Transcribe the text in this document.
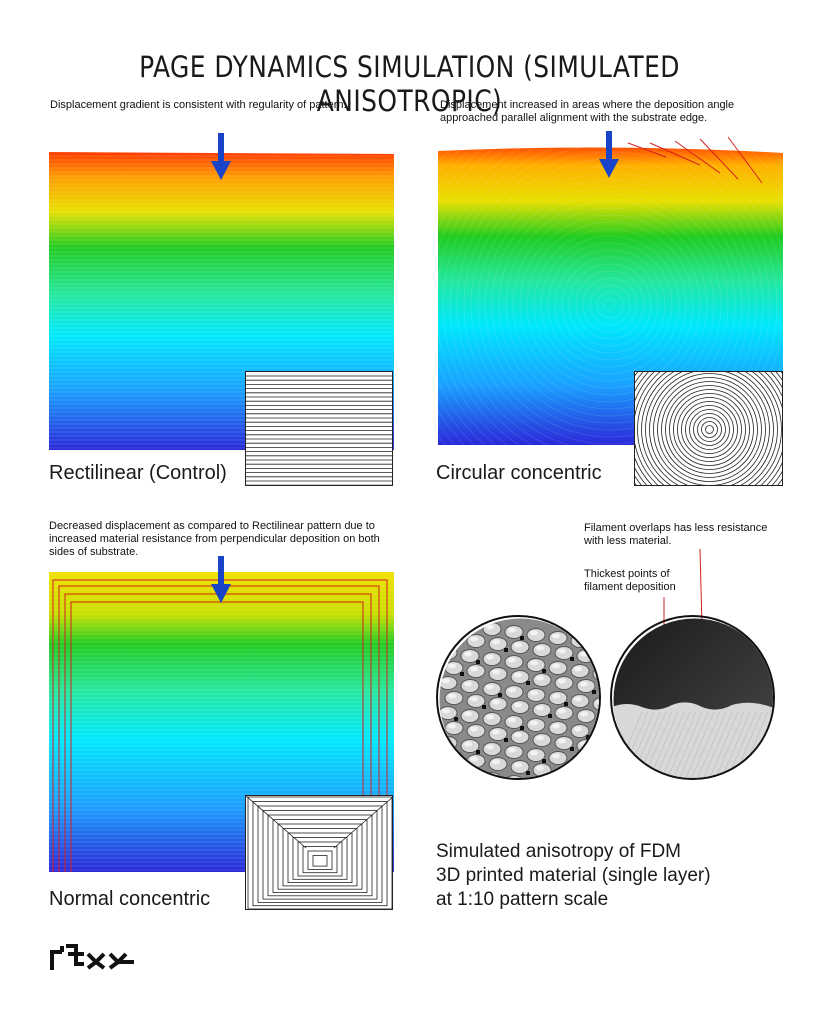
PAGE DYNAMICS SIMULATION (SIMULATED ANISOTROPIC)
Displacement gradient is consistent with regularity of pattern.
Rectilinear (Control)
Displacement increased in areas where the deposition angle approached parallel alignment with the substrate edge.
Circular concentric
Decreased displacement as compared to Rectilinear pattern due to increased material resistance from perpendicular deposition on both sides of substrate.
Normal concentric
Filament overlaps has less resistance with less material.
Thickest points of filament deposition
Simulated anisotropy of FDM
3D printed material (single layer)
at 1:10 pattern scale
